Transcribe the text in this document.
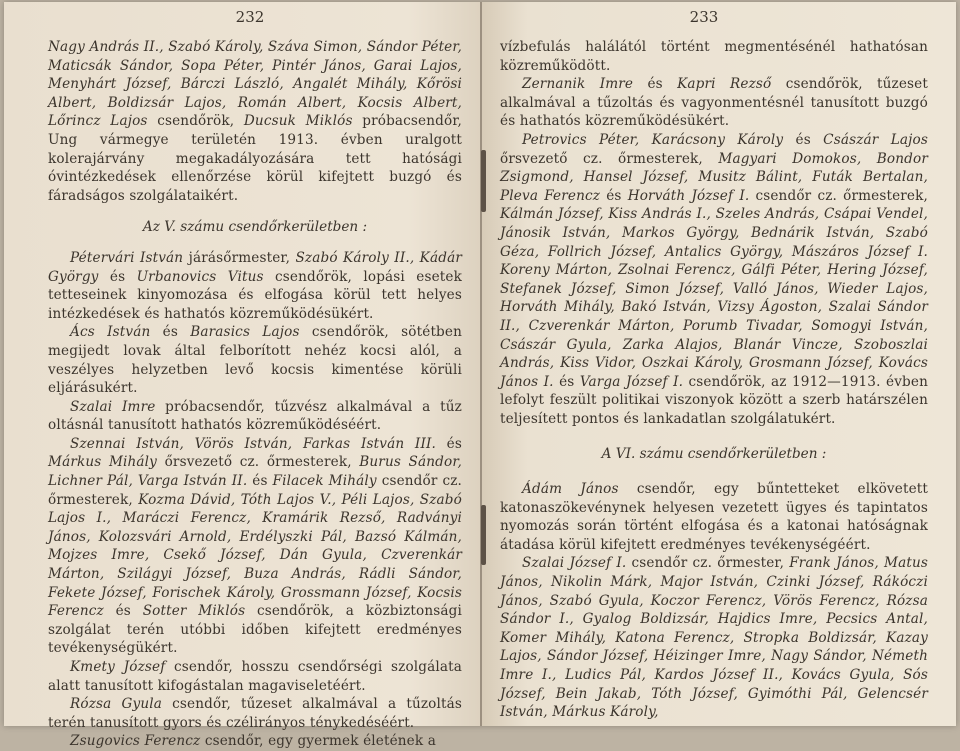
232

Nagy András II., Szabó Károly, Száva Simon, Sándor Péter, Maticsák Sándor, Sopa Péter, Pintér János, Garai Lajos, Menyhárt József, Bárczi László, Angalét Mihály, Kőrösi Albert, Boldizsár Lajos, Román Albert, Kocsis Albert, Lőrincz Lajos csendőrök, Ducsuk Miklós próbacsendőr, Ung vármegye területén 1913. évben uralgott kolerajárvány megakadályozására tett hatósági óvintézkedések ellenőrzése körül kifejtett buzgó és fáradságos szolgálataikért.

Az V. számu csendőrkerületben :

Pétervári István járásőrmester, Szabó Károly II., Kádár György és Urbanovics Vitus csendőrök, lopási esetek tetteseinek kinyomozása és elfogása körül tett helyes intézkedések és hathatós közreműködésükért.

Ács István és Barasics Lajos csendőrök, sötétben megijedt lovak által felborított nehéz kocsi alól, a veszélyes helyzetben levő kocsis kimentése körüli eljárásukért.

Szalai Imre próbacsendőr, tűzvész alkalmával a tűz oltásnál tanusított hathatós közreműködéséért.

Szennai István, Vörös István, Farkas István III. és Márkus Mihály őrsvezető cz. őrmesterek, Burus Sándor, Lichner Pál, Varga István II. és Filacek Mihály csendőr cz. őrmesterek, Kozma Dávid, Tóth Lajos V., Péli Lajos, Szabó Lajos I., Maráczi Ferencz, Kramárik Rezső, Radványi János, Kolozsvári Arnold, Erdélyszki Pál, Bazsó Kálmán, Mojzes Imre, Csekő József, Dán Gyula, Czverenkár Márton, Szilágyi József, Buza András, Rádli Sándor, Fekete József, Forischek Károly, Grossmann József, Kocsis Ferencz és Sotter Miklós csendőrök, a közbiztonsági szolgálat terén utóbbi időben kifejtett eredményes tevékenységükért.

Kmety József csendőr, hosszu csendőrségi szolgálata alatt tanusított kifogástalan magaviseletéért.

Rózsa Gyula csendőr, tűzeset alkalmával a tűzoltás terén tanusított gyors és czélirányos ténykedéséért.

Zsugovics Ferencz csendőr, egy gyermek életének a

233

vízbefulás halálától történt megmentésénél hathatósan közreműködött.

Zernanik Imre és Kapri Rezső csendőrök, tűzeset alkalmával a tűzoltás és vagyonmentésnél tanusított buzgó és hathatós közreműködésükért.

Petrovics Péter, Karácsony Károly és Császár Lajos őrsvezető cz. őrmesterek, Magyari Domokos, Bondor Zsigmond, Hansel József, Musitz Bálint, Futák Bertalan, Pleva Ferencz és Horváth József I. csendőr cz. őrmesterek, Kálmán József, Kiss András I., Szeles András, Csápai Vendel, Jánosik István, Markos György, Bednárik István, Szabó Géza, Follrich József, Antalics György, Mászáros József I. Koreny Márton, Zsolnai Ferencz, Gálfi Péter, Hering József, Stefanek József, Simon József, Valló János, Wieder Lajos, Horváth Mihály, Bakó István, Vizsy Ágoston, Szalai Sándor II., Czverenkár Márton, Porumb Tivadar, Somogyi István, Császár Gyula, Zarka Alajos, Blanár Vincze, Szoboszlai András, Kiss Vidor, Oszkai Károly, Grosmann József, Kovács János I. és Varga József I. csendőrök, az 1912—1913. évben lefolyt feszült politikai viszonyok között a szerb határszélen teljesített pontos és lankadatlan szolgálatukért.

A VI. számu csendőrkerületben :

Ádám János csendőr, egy bűntetteket elkövetett katonaszökevénynek helyesen vezetett ügyes és tapintatos nyomozás során történt elfogása és a katonai hatóságnak átadása körül kifejtett eredményes tevékenységéért.

Szalai József I. csendőr cz. őrmester, Frank János, Matus János, Nikolin Márk, Major István, Czinki József, Rákóczi János, Szabó Gyula, Koczor Ferencz, Vörös Ferencz, Rózsa Sándor I., Gyalog Boldizsár, Hajdics Imre, Pecsics Antal, Komer Mihály, Katona Ferencz, Stropka Boldizsár, Kazay Lajos, Sándor József, Héizinger Imre, Nagy Sándor, Németh Imre I., Ludics Pál, Kardos József II., Kovács Gyula, Sós József, Bein Jakab, Tóth József, Gyimóthi Pál, Gelencsér István, Márkus Károly,
